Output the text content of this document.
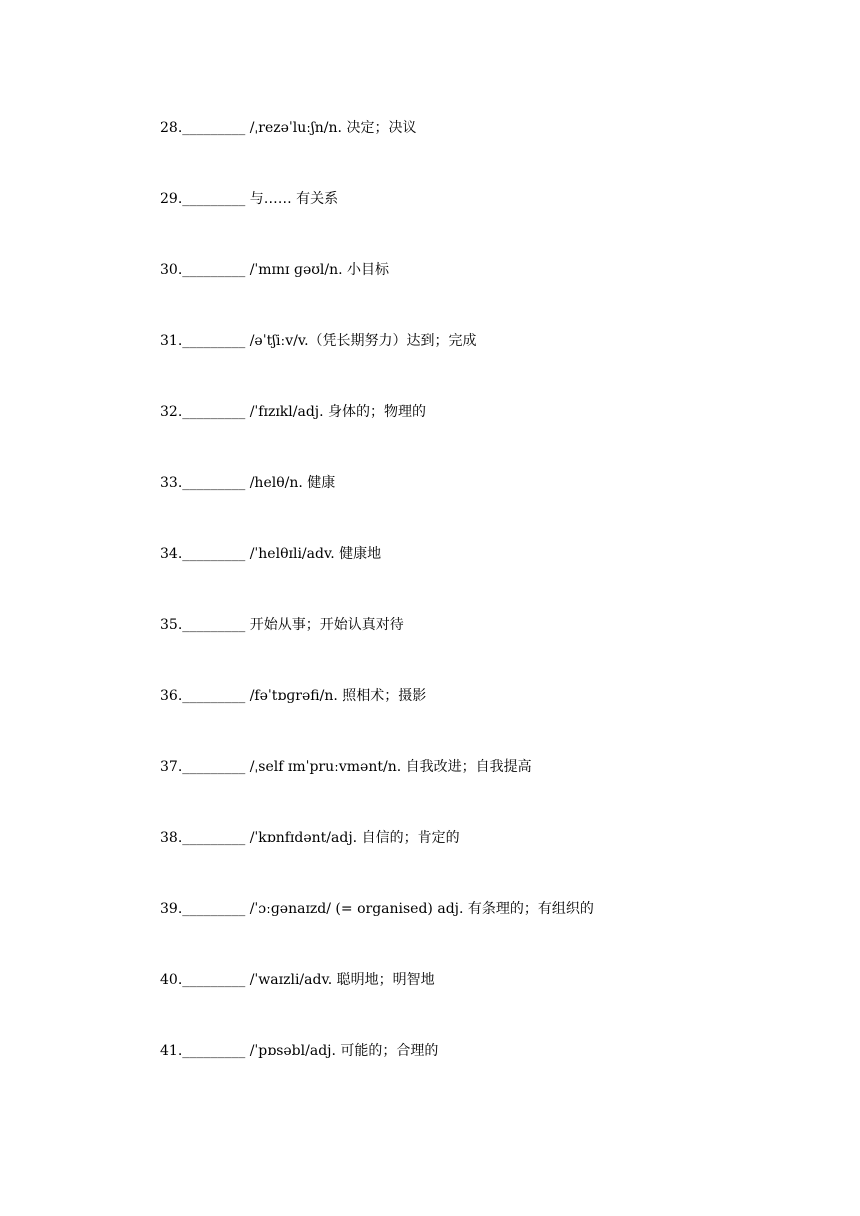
28._________ /ˌrezəˈluːʃn/n. 决定；决议
29._________ 与…… 有关系
30._________ /ˈmɪnɪ ɡəʊl/n. 小目标
31._________ /əˈtʃiːv/v.（凭长期努力）达到；完成
32._________ /ˈfɪzɪkl/adj. 身体的；物理的
33._________ /helθ/n. 健康
34._________ /ˈhelθɪli/adv. 健康地
35._________ 开始从事；开始认真对待
36._________ /fəˈtɒɡrəfi/n. 照相术；摄影
37._________ /ˌself ɪmˈpruːvmənt/n. 自我改进；自我提高
38._________ /ˈkɒnfɪdənt/adj. 自信的；肯定的
39._________ /ˈɔːɡənaɪzd/ (= organised) adj. 有条理的；有组织的
40._________ /ˈwaɪzli/adv. 聪明地；明智地
41._________ /ˈpɒsəbl/adj. 可能的；合理的
